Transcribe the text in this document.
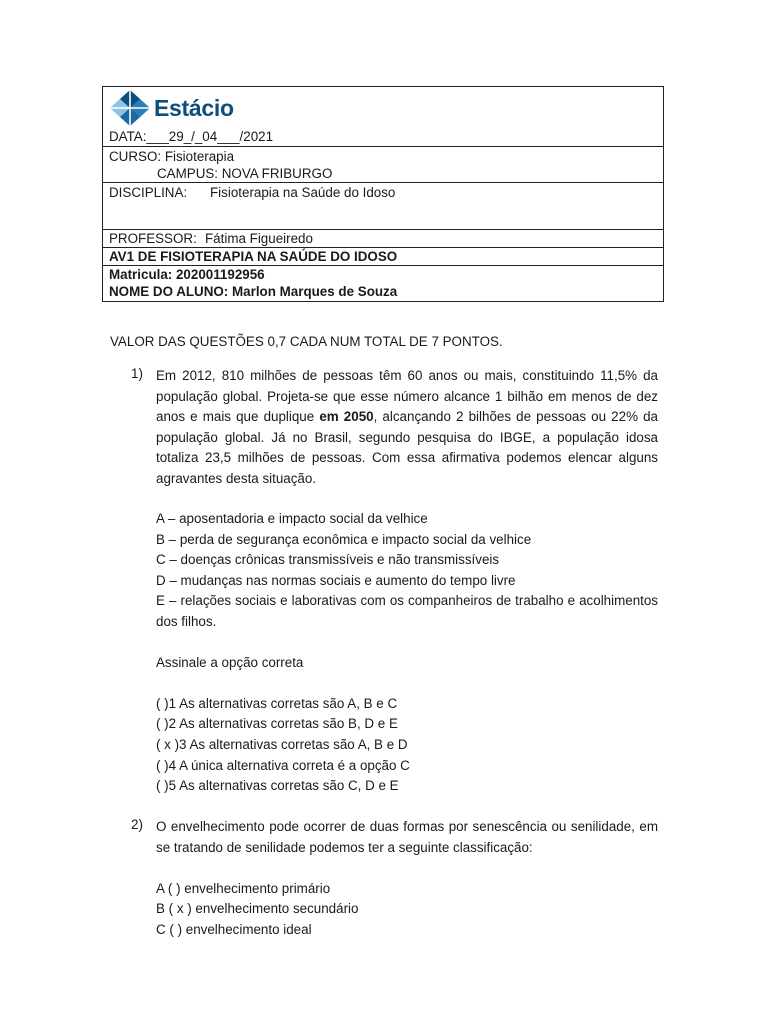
Estácio
DATA:___29_/_04___/2021
CURSO: Fisioterapia
CAMPUS: NOVA FRIBURGO
DISCIPLINA: Fisioterapia na Saúde do Idoso
PROFESSOR: Fátima Figueiredo
AV1 DE FISIOTERAPIA NA SAÚDE DO IDOSO
Matricula: 202001192956
NOME DO ALUNO: Marlon Marques de Souza
VALOR DAS QUESTÕES 0,7 CADA NUM TOTAL DE 7 PONTOS.
1) Em 2012, 810 milhões de pessoas têm 60 anos ou mais, constituindo 11,5% da população global. Projeta-se que esse número alcance 1 bilhão em menos de dez anos e mais que duplique em 2050, alcançando 2 bilhões de pessoas ou 22% da população global. Já no Brasil, segundo pesquisa do IBGE, a população idosa totaliza 23,5 milhões de pessoas. Com essa afirmativa podemos elencar alguns agravantes desta situação.
A – aposentadoria e impacto social da velhice
B – perda de segurança econômica e impacto social da velhice
C – doenças crônicas transmissíveis e não transmissíveis
D – mudanças nas normas sociais e aumento do tempo livre
E – relações sociais e laborativas com os companheiros de trabalho e acolhimentos dos filhos.
Assinale a opção correta
( )1 As alternativas corretas são A, B e C
( )2 As alternativas corretas são B, D e E
( x )3 As alternativas corretas são A, B e D
( )4 A única alternativa correta é a opção C
( )5 As alternativas corretas são C, D e E
2) O envelhecimento pode ocorrer de duas formas por senescência ou senilidade, em se tratando de senilidade podemos ter a seguinte classificação:
A ( ) envelhecimento primário
B ( x ) envelhecimento secundário
C ( ) envelhecimento ideal
